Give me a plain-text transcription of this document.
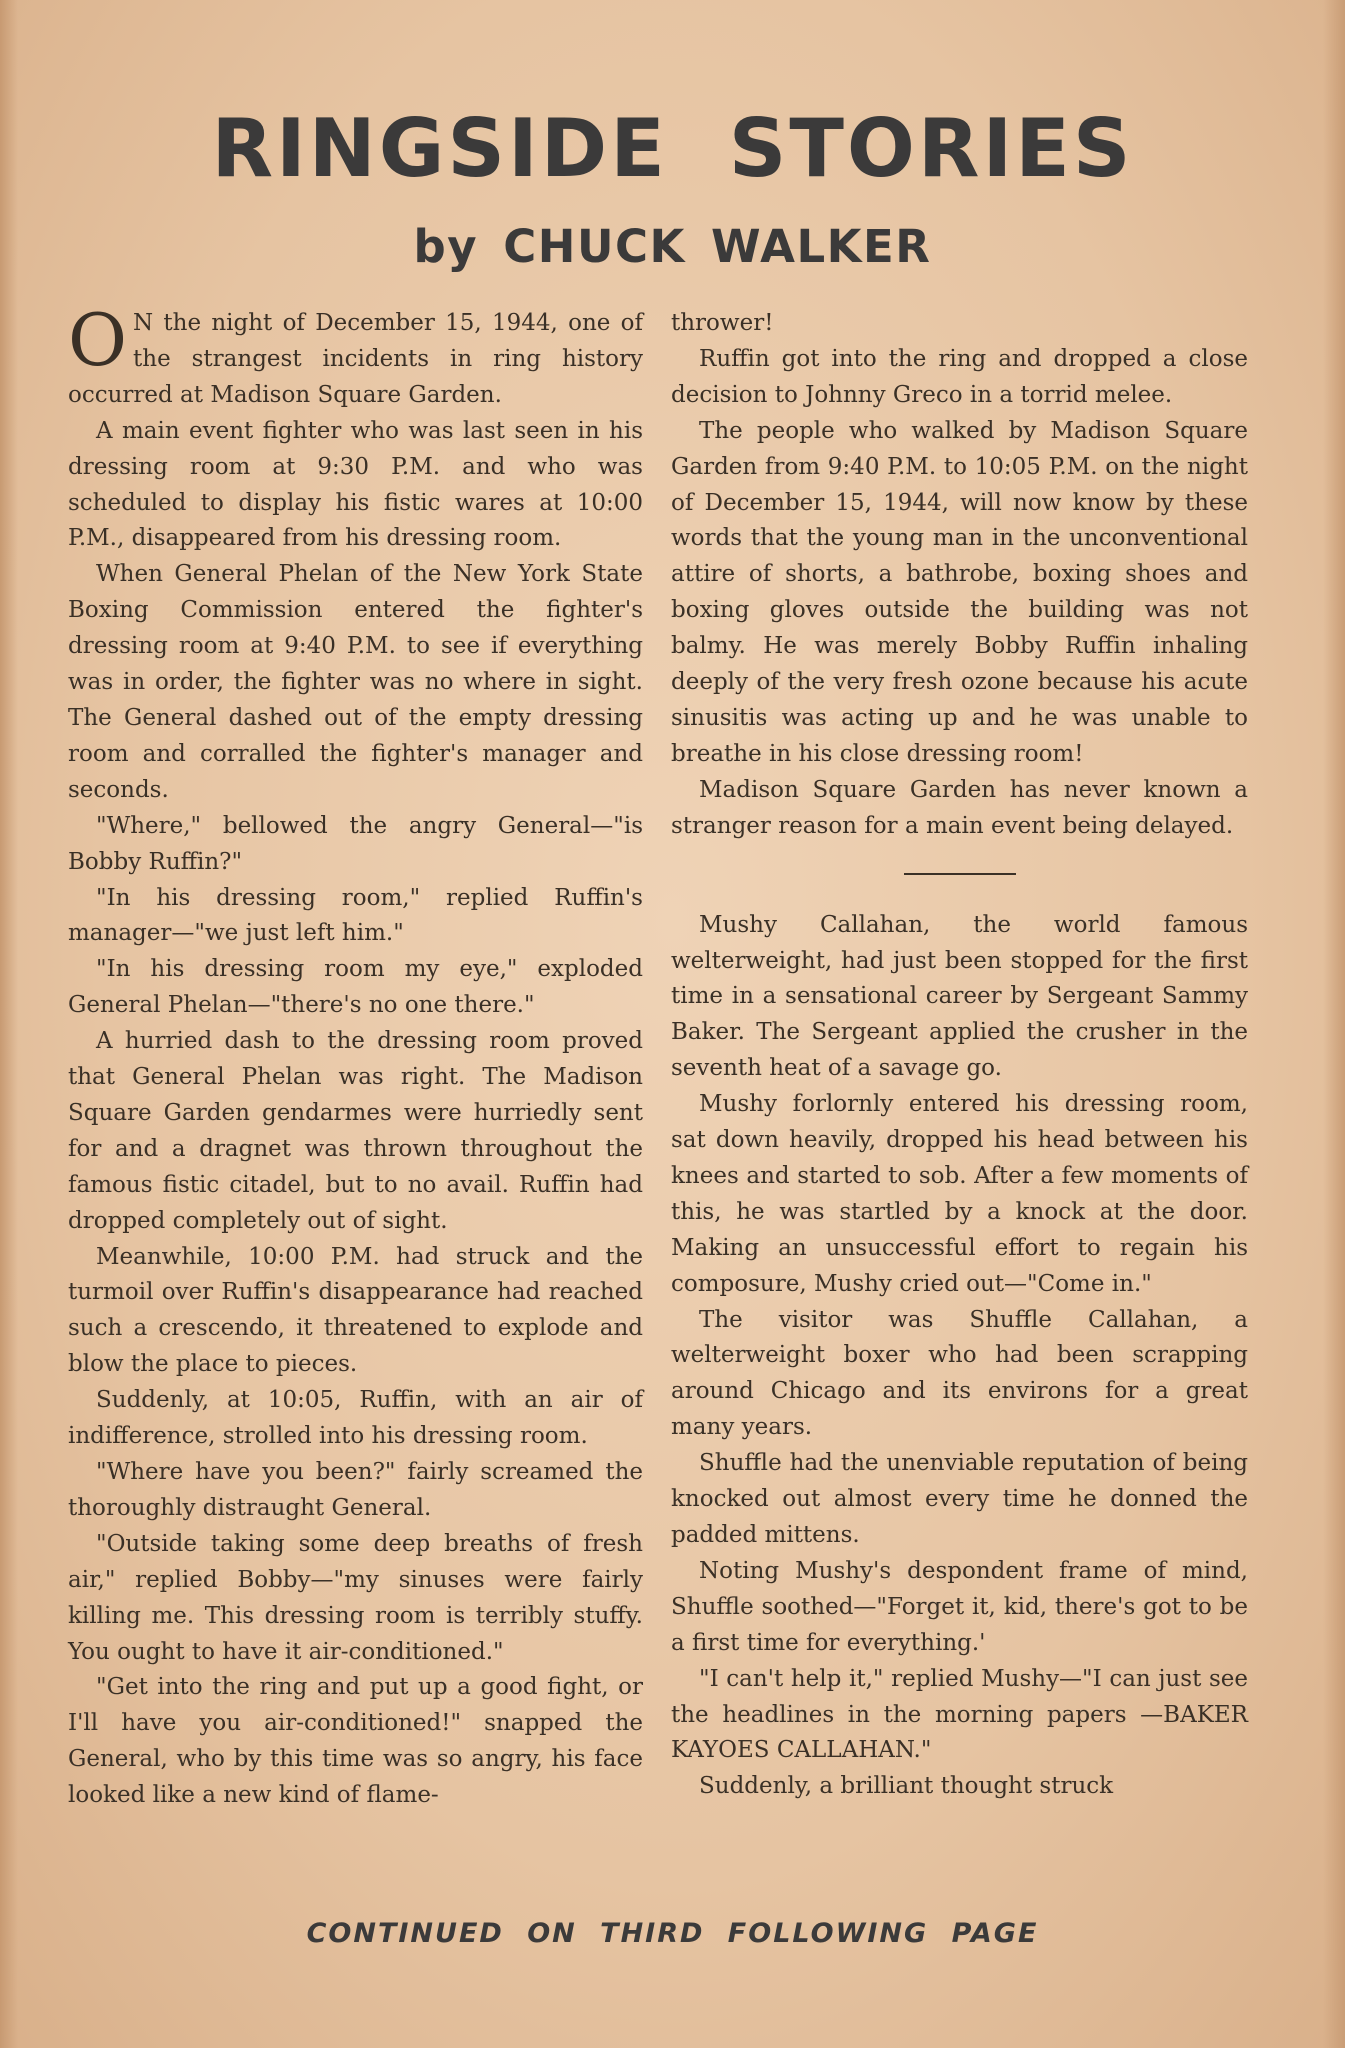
RINGSIDE STORIES
by CHUCK WALKER

O N the night of December 15, 1944, one of the strangest incidents in ring history occurred at Madison Square Garden.

A main event fighter who was last seen in his dressing room at 9:30 P.M. and who was scheduled to display his fistic wares at 10:00 P.M., disappeared from his dressing room.

When General Phelan of the New York State Boxing Commission entered the fighter's dressing room at 9:40 P.M. to see if everything was in order, the fighter was no where in sight. The General dashed out of the empty dressing room and corralled the fighter's manager and seconds.

"Where," bellowed the angry General—"is Bobby Ruffin?"

"In his dressing room," replied Ruffin's manager—"we just left him."

"In his dressing room my eye," exploded General Phelan—"there's no one there."

A hurried dash to the dressing room proved that General Phelan was right. The Madison Square Garden gendarmes were hurriedly sent for and a dragnet was thrown throughout the famous fistic citadel, but to no avail. Ruffin had dropped completely out of sight.

Meanwhile, 10:00 P.M. had struck and the turmoil over Ruffin's disappearance had reached such a crescendo, it threatened to explode and blow the place to pieces.

Suddenly, at 10:05, Ruffin, with an air of indifference, strolled into his dressing room.

"Where have you been?" fairly screamed the thoroughly distraught General.

"Outside taking some deep breaths of fresh air," replied Bobby—"my sinuses were fairly killing me. This dressing room is terribly stuffy. You ought to have it air-conditioned."

"Get into the ring and put up a good fight, or I'll have you air-conditioned!" snapped the General, who by this time was so angry, his face looked like a new kind of flame-

thrower!

Ruffin got into the ring and dropped a close decision to Johnny Greco in a torrid melee.

The people who walked by Madison Square Garden from 9:40 P.M. to 10:05 P.M. on the night of December 15, 1944, will now know by these words that the young man in the unconventional attire of shorts, a bathrobe, boxing shoes and boxing gloves outside the building was not balmy. He was merely Bobby Ruffin inhaling deeply of the very fresh ozone because his acute sinusitis was acting up and he was unable to breathe in his close dressing room!

Madison Square Garden has never known a stranger reason for a main event being delayed.

Mushy Callahan, the world famous welterweight, had just been stopped for the first time in a sensational career by Sergeant Sammy Baker. The Sergeant applied the crusher in the seventh heat of a savage go.

Mushy forlornly entered his dressing room, sat down heavily, dropped his head between his knees and started to sob. After a few moments of this, he was startled by a knock at the door. Making an unsuccessful effort to regain his composure, Mushy cried out—"Come in."

The visitor was Shuffle Callahan, a welterweight boxer who had been scrapping around Chicago and its environs for a great many years.

Shuffle had the unenviable reputation of being knocked out almost every time he donned the padded mittens.

Noting Mushy's despondent frame of mind, Shuffle soothed—"Forget it, kid, there's got to be a first time for everything.'

"I can't help it," replied Mushy—"I can just see the headlines in the morning papers —BAKER KAYOES CALLAHAN."

Suddenly, a brilliant thought struck

CONTINUED ON THIRD FOLLOWING PAGE
